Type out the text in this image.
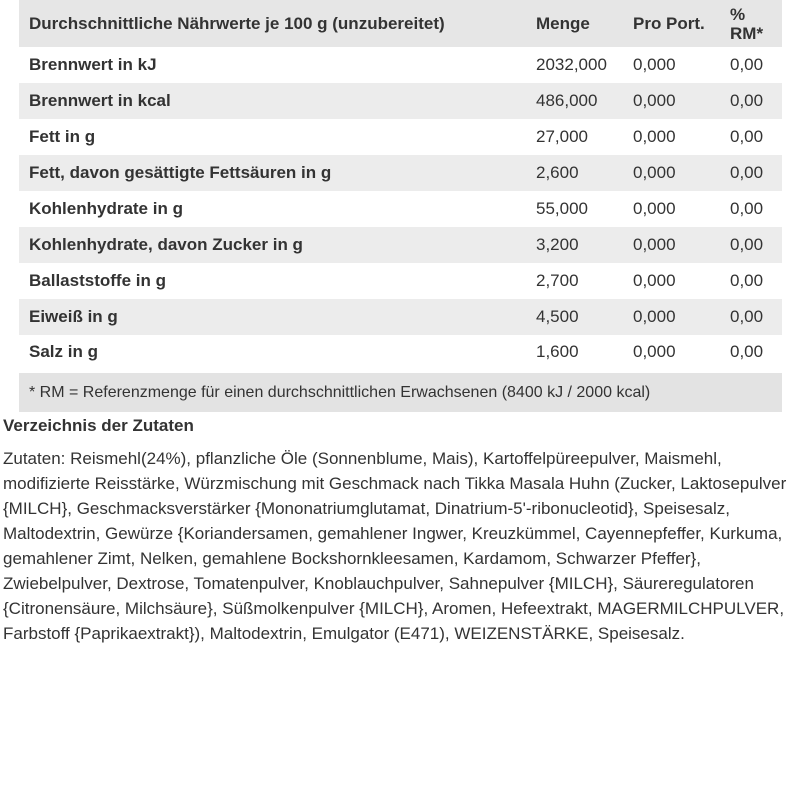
Durchschnittliche Nährwerte je 100 g (unzubereitet)	Menge	Pro Port.	% RM*
Brennwert in kJ	2032,000	0,000	0,00
Brennwert in kcal	486,000	0,000	0,00
Fett in g	27,000	0,000	0,00
Fett, davon gesättigte Fettsäuren in g	2,600	0,000	0,00
Kohlenhydrate in g	55,000	0,000	0,00
Kohlenhydrate, davon Zucker in g	3,200	0,000	0,00
Ballaststoffe in g	2,700	0,000	0,00
Eiweiß in g	4,500	0,000	0,00
Salz in g	1,600	0,000	0,00
* RM = Referenzmenge für einen durchschnittlichen Erwachsenen (8400 kJ / 2000 kcal)
Verzeichnis der Zutaten

Zutaten: Reismehl(24%), pflanzliche Öle (Sonnenblume, Mais), Kartoffelpüreepulver, Maismehl, modifizierte Reisstärke, Würzmischung mit Geschmack nach Tikka Masala Huhn (Zucker, Laktosepulver {MILCH}, Geschmacksverstärker {Mononatriumglutamat, Dinatrium-5'-ribonucleotid}, Speisesalz, Maltodextrin, Gewürze {Koriandersamen, gemahlener Ingwer, Kreuzkümmel, Cayennepfeffer, Kurkuma, gemahlener Zimt, Nelken, gemahlene Bockshornkleesamen, Kardamom, Schwarzer Pfeffer}, Zwiebelpulver, Dextrose, Tomatenpulver, Knoblauchpulver, Sahnepulver {MILCH}, Säureregulatoren {Citronensäure, Milchsäure}, Süßmolkenpulver {MILCH}, Aromen, Hefeextrakt, MAGERMILCHPULVER, Farbstoff {Paprikaextrakt}), Maltodextrin, Emulgator (E471), WEIZENSTÄRKE, Speisesalz.
